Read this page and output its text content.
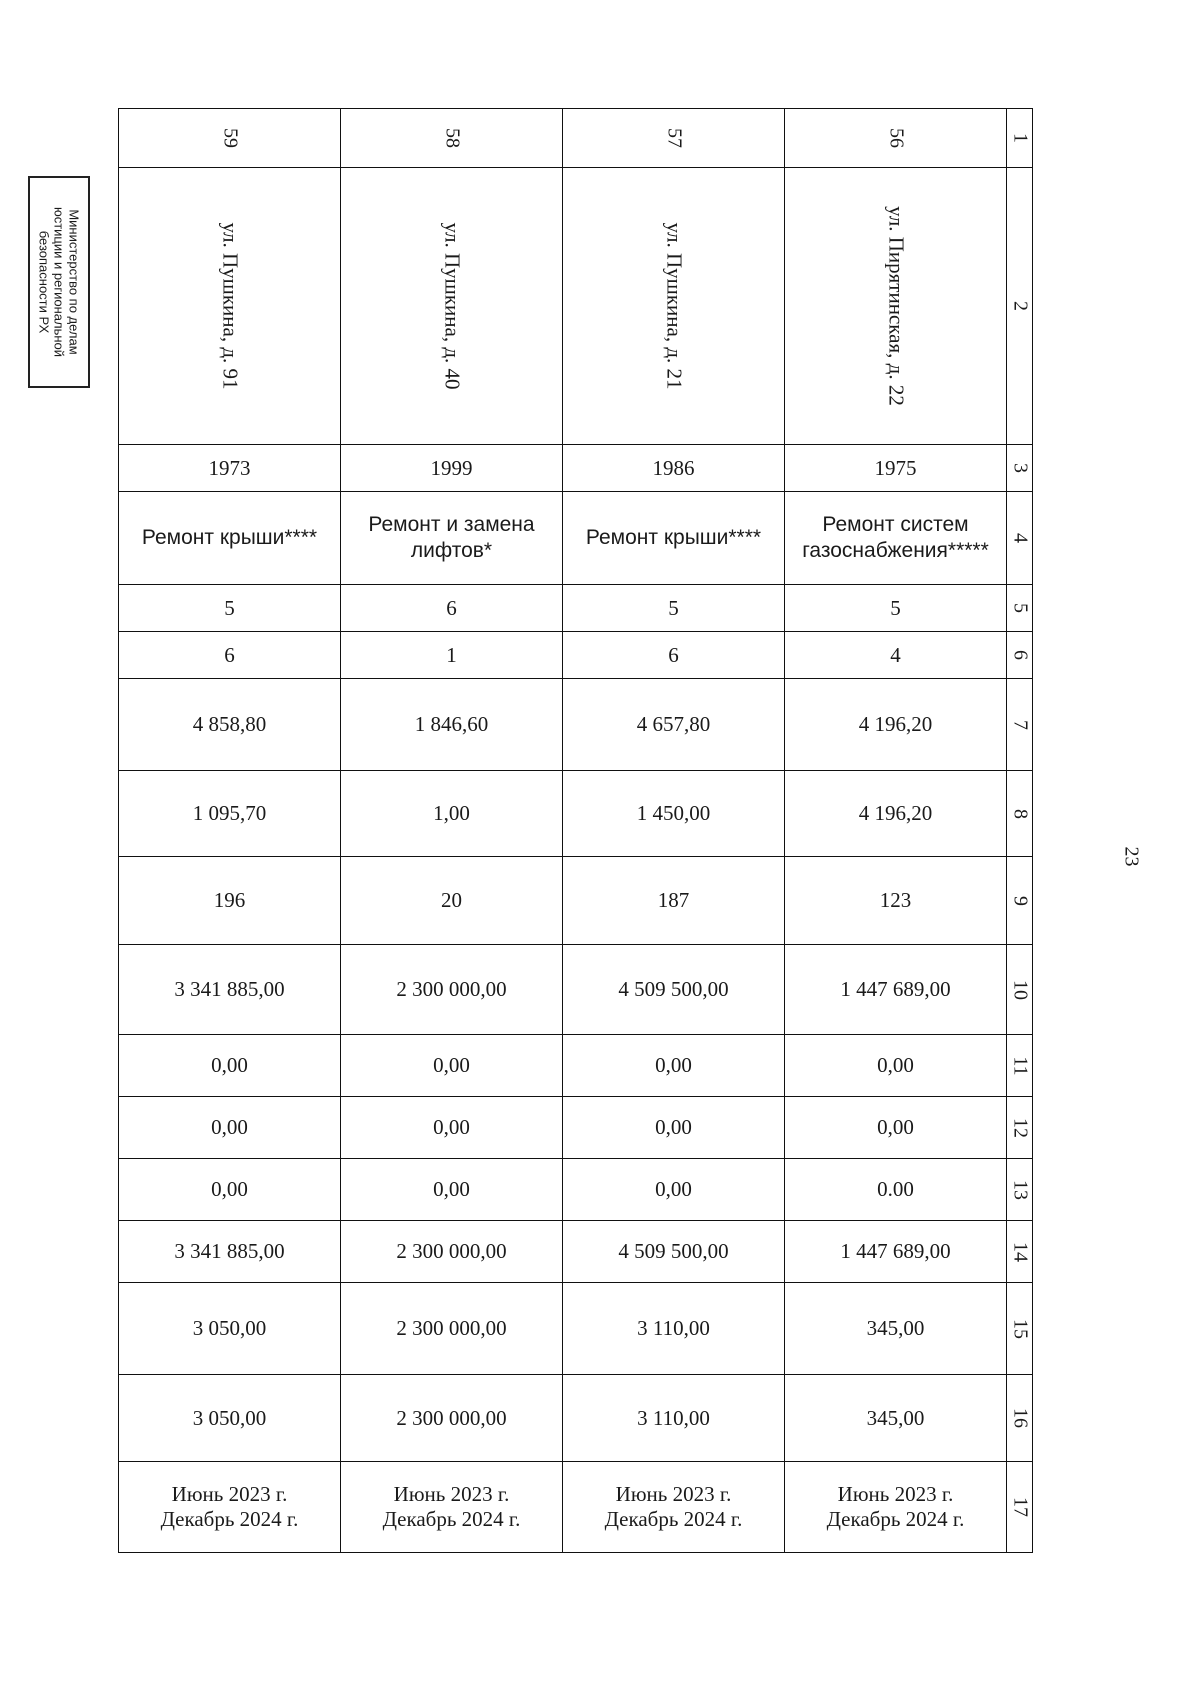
Министерство по делам
юстиции и региональной
безопасности РХ
23
59	58	57	56	1

ул. Пушкина, д. 91	ул. Пушкина, д. 40	ул. Пушкина, д. 21	ул. Пирятинская, д. 22	2

1973	1999	1986	1975	3

Ремонт крыши****	Ремонт и замена лифтов*	Ремонт крыши****	Ремонт систем газоснабжения*****	4

5	6	5	5	5

6	1	6	4	6

4 858,80	1 846,60	4 657,80	4 196,20	7

1 095,70	1,00	1 450,00	4 196,20	8

196	20	187	123	9

3 341 885,00	2 300 000,00	4 509 500,00	1 447 689,00	10

0,00	0,00	0,00	0,00	11

0,00	0,00	0,00	0,00	12

0,00	0,00	0,00	0.00	13

3 341 885,00	2 300 000,00	4 509 500,00	1 447 689,00	14

3 050,00	2 300 000,00	3 110,00	345,00	15

3 050,00	2 300 000,00	3 110,00	345,00	16

Июнь 2023 г.
Декабрь 2024 г.	Июнь 2023 г.
Декабрь 2024 г.	Июнь 2023 г.
Декабрь 2024 г.	Июнь 2023 г.
Декабрь 2024 г.	17
